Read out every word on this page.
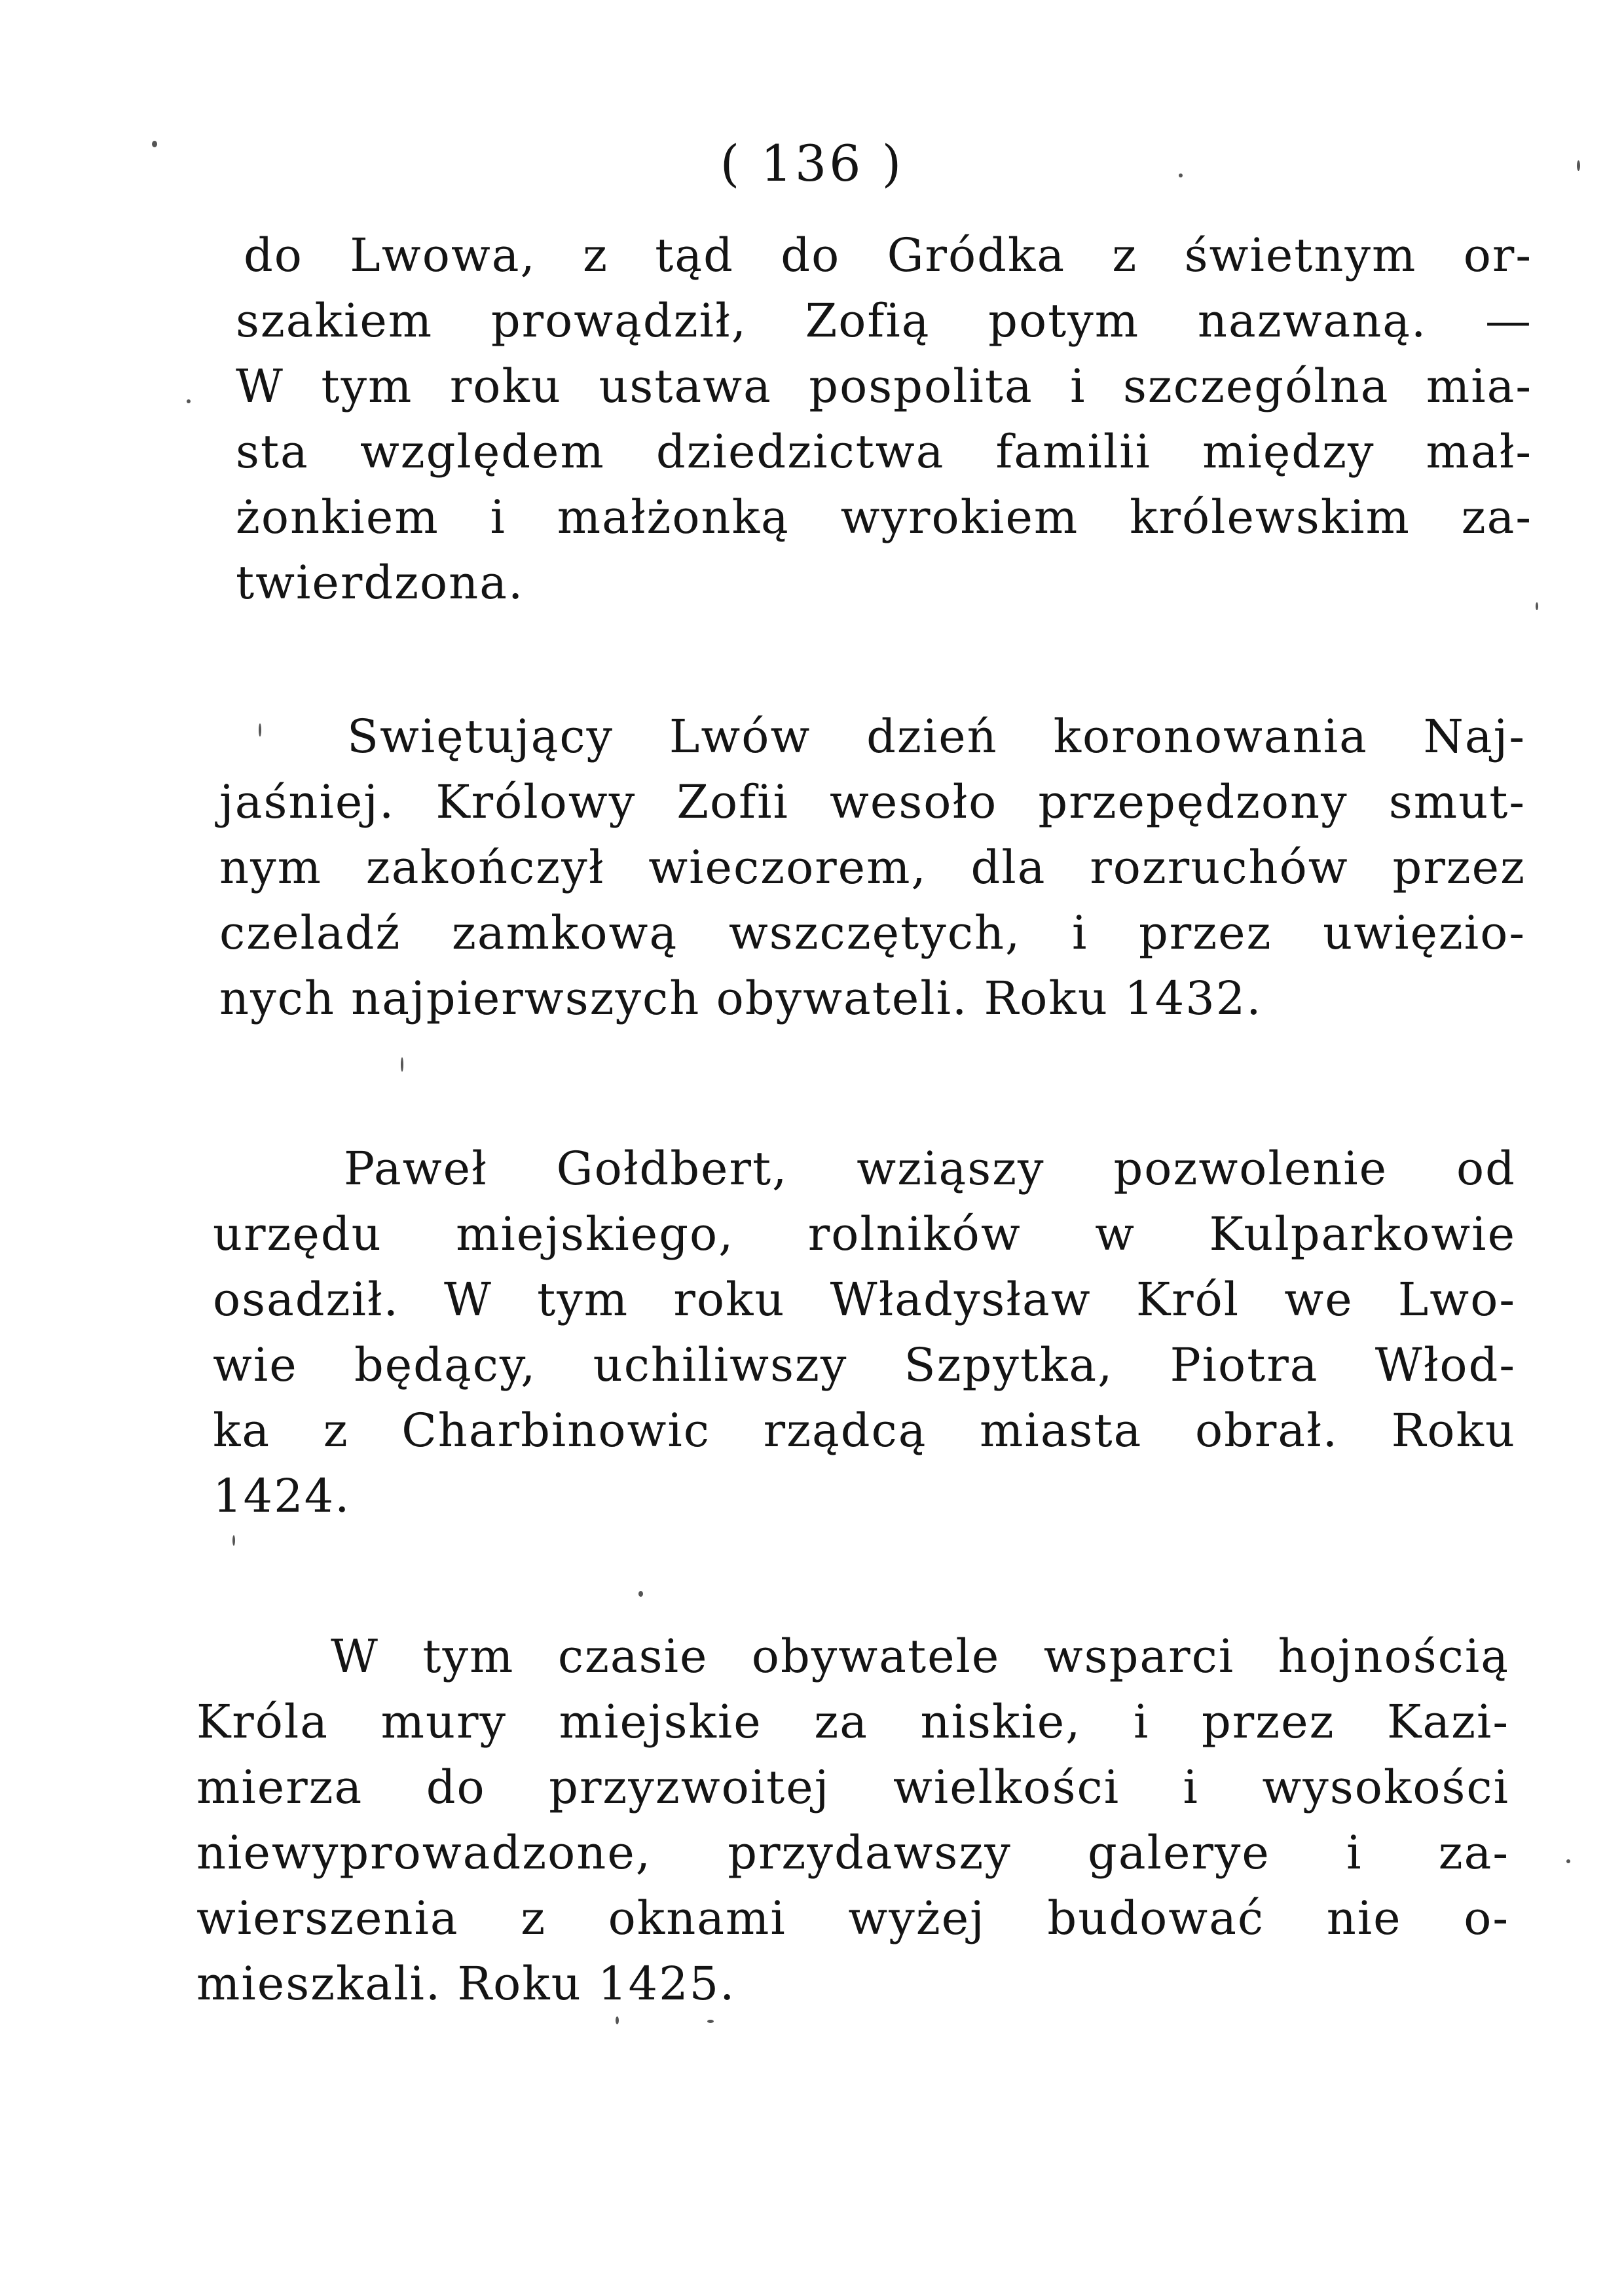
( 136 )

do Lwowa, z tąd do Gródka z świetnym or-

szakiem prowądził, Zofią potym nazwaną. —

W tym roku ustawa pospolita i szczególna mia-

sta względem dziedzictwa familii między mał-

żonkiem i małżonką wyrokiem królewskim za-

twierdzona.

Swiętujący Lwów dzień koronowania Naj-

jaśniej. Królowy Zofii wesoło przepędzony smut-

nym zakończył wieczorem, dla rozruchów przez

czeladź zamkową wszczętych, i przez uwięzio-

nych najpierwszych obywateli. Roku 1432.

Paweł Gołdbert, wziąszy pozwolenie od

urzędu miejskiego, rolników w Kulparkowie

osadził. W tym roku Władysław Król we Lwo-

wie będący, uchiliwszy Szpytka, Piotra Włod-

ka z Charbinowic rządcą miasta obrał. Roku

1424.

W tym czasie obywatele wsparci hojnością

Króla mury miejskie za niskie, i przez Kazi-

mierza do przyzwoitej wielkości i wysokości

niewyprowadzone, przydawszy galerye i za-

wierszenia z oknami wyżej budować nie o-

mieszkali. Roku 1425.
